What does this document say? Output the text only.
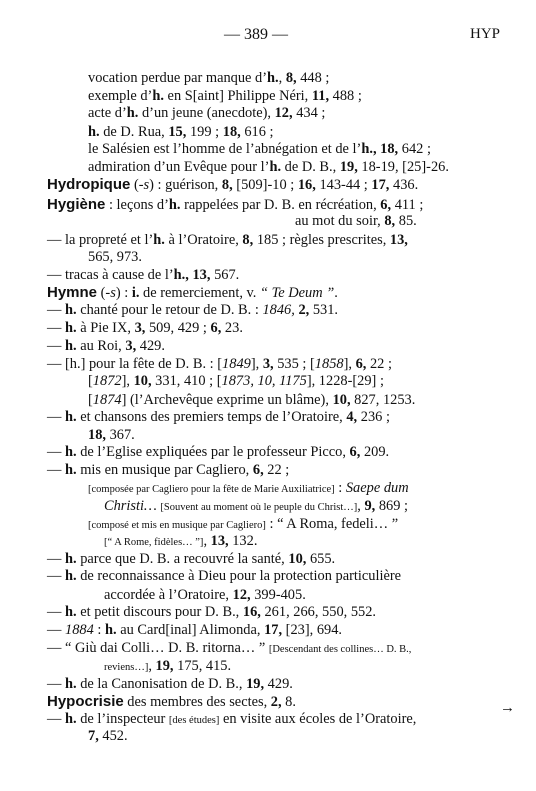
— 389 —	HYP
vocation perdue par manque d’h., 8, 448 ;
exemple d’h. en S[aint] Philippe Néri, 11, 488 ;
acte d’h. d’un jeune (anecdote), 12, 434 ;
h. de D. Rua, 15, 199 ; 18, 616 ;
le Salésien est l’homme de l’abnégation et de l’h., 18, 642 ;
admiration d’un Evêque pour l’h. de D. B., 19, 18-19, [25]-26.
Hydropique (-s) : guérison, 8, [509]-10 ; 16, 143-44 ; 17, 436.
Hygiène : leçons d’h. rappelées par D. B. en récréation, 6, 411 ;
au mot du soir, 8, 85.
— la propreté et l’h. à l’Oratoire, 8, 185 ; règles prescrites, 13,
565, 973.
— tracas à cause de l’h., 13, 567.
Hymne (-s) : i. de remerciement, v. “ Te Deum ”.
— h. chanté pour le retour de D. B. : 1846, 2, 531.
— h. à Pie IX, 3, 509, 429 ; 6, 23.
— h. au Roi, 3, 429.
— [h.] pour la fête de D. B. : [1849], 3, 535 ; [1858], 6, 22 ;
[1872], 10, 331, 410 ; [1873, 10, 1175], 1228-[29] ;
[1874] (l’Archevêque exprime un blâme), 10, 827, 1253.
— h. et chansons des premiers temps de l’Oratoire, 4, 236 ;
18, 367.
— h. de l’Eglise expliquées par le professeur Picco, 6, 209.
— h. mis en musique par Cagliero, 6, 22 ;
[composée par Cagliero pour la fête de Marie Auxiliatrice] : Saepe dum
Christi… [Souvent au moment où le peuple du Christ…], 9, 869 ;
[composé et mis en musique par Cagliero] : “ A Roma, fedeli… ”
[“ A Rome, fidèles… ”], 13, 132.
— h. parce que D. B. a recouvré la santé, 10, 655.
— h. de reconnaissance à Dieu pour la protection particulière
accordée à l’Oratoire, 12, 399-405.
— h. et petit discours pour D. B., 16, 261, 266, 550, 552.
— 1884 : h. au Card[inal] Alimonda, 17, [23], 694.
— “ Giù dai Colli… D. B. ritorna… ” [Descendant des collines… D. B.,
reviens…], 19, 175, 415.
— h. de la Canonisation de D. B., 19, 429.
Hypocrisie des membres des sectes, 2, 8.
— h. de l’inspecteur [des études] en visite aux écoles de l’Oratoire,
7, 452.
→
